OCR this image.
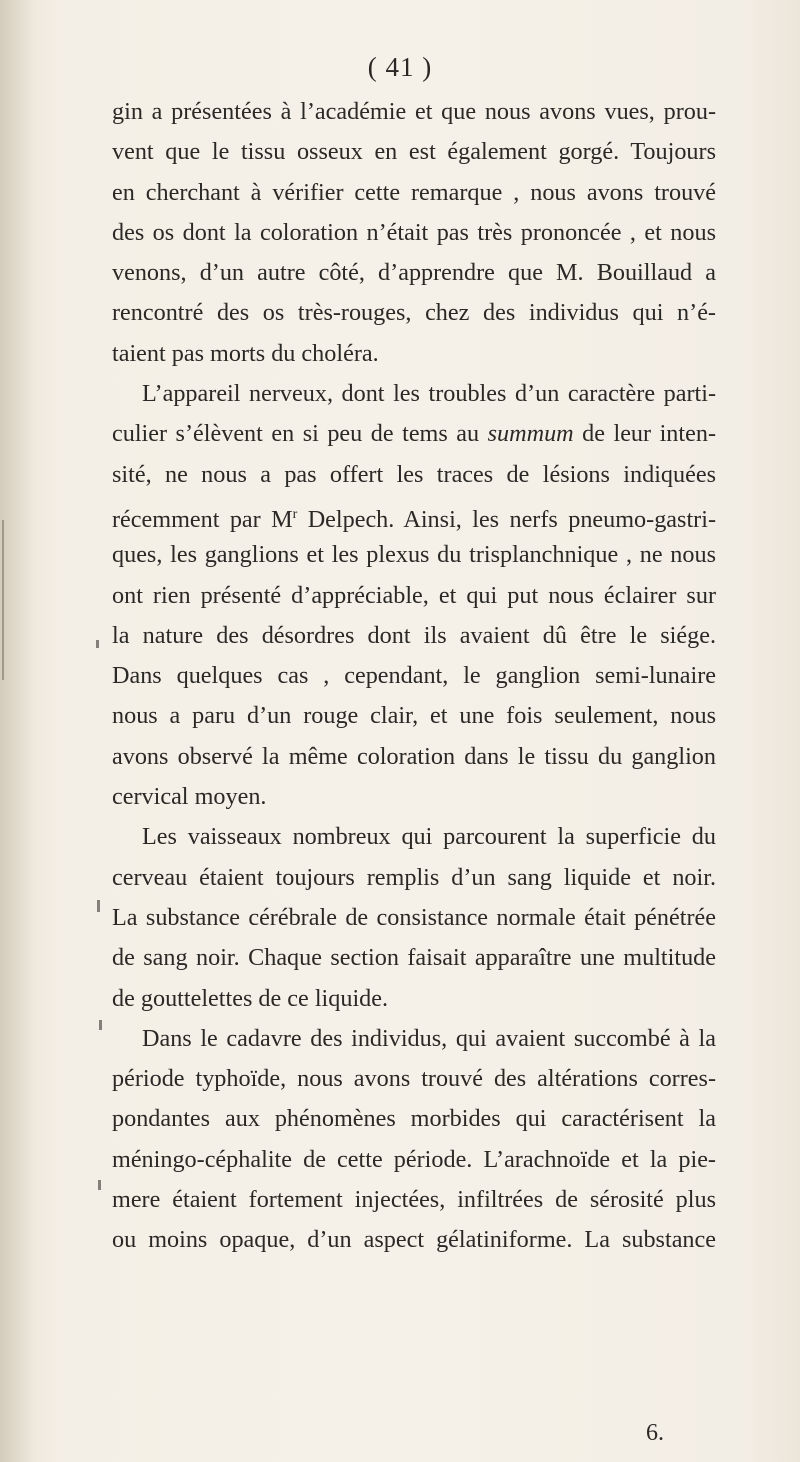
( 41 )
gin a présentées à l’académie et que nous avons vues, prou-
vent que le tissu osseux en est également gorgé. Toujours
en cherchant à vérifier cette remarque , nous avons trouvé
des os dont la coloration n’était pas très prononcée , et nous
venons, d’un autre côté, d’apprendre que M. Bouillaud a
rencontré des os très-rouges, chez des individus qui n’é-
taient pas morts du choléra.
L’appareil nerveux, dont les troubles d’un caractère parti-
culier s’élèvent en si peu de tems au summum de leur inten-
sité, ne nous a pas offert les traces de lésions indiquées
récemment par $M^r$ Delpech. Ainsi, les nerfs pneumo-gastri-
ques, les ganglions et les plexus du trisplanchnique , ne nous
ont rien présenté d’appréciable, et qui put nous éclairer sur
la nature des désordres dont ils avaient dû être le siége.
Dans quelques cas , cependant, le ganglion semi-lunaire
nous a paru d’un rouge clair, et une fois seulement, nous
avons observé la même coloration dans le tissu du ganglion
cervical moyen.
Les vaisseaux nombreux qui parcourent la superficie du
cerveau étaient toujours remplis d’un sang liquide et noir.
La substance cérébrale de consistance normale était pénétrée
de sang noir. Chaque section faisait apparaître une multitude
de gouttelettes de ce liquide.
Dans le cadavre des individus, qui avaient succombé à la
période typhoïde, nous avons trouvé des altérations corres-
pondantes aux phénomènes morbides qui caractérisent la
méningo-céphalite de cette période. L’arachnoïde et la pie-
mere étaient fortement injectées, infiltrées de sérosité plus
ou moins opaque, d’un aspect gélatiniforme. La substance
6.
